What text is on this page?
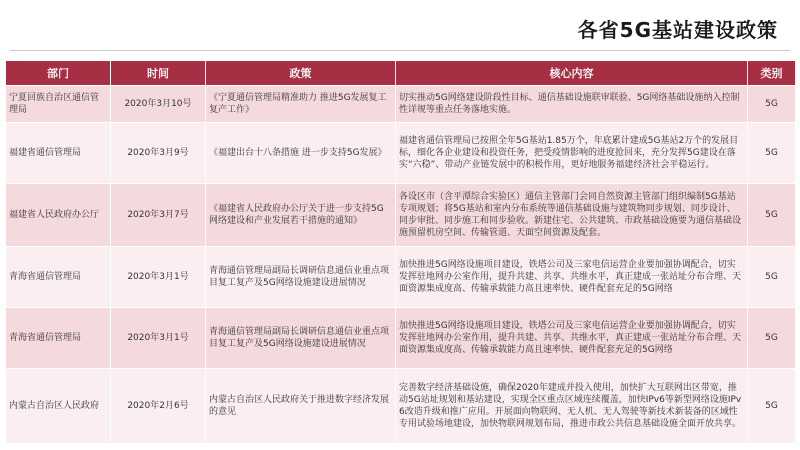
各省5G基站建设政策
部门	时间	政策	核心内容	类别
宁夏回族自治区通信管理局	2020年3月10号	《宁夏通信管理局精准助力 推进5G发展复工复产工作》	切实推动5G网络建设阶段性目标、通信基础设施联审联验、5G网络基础设施纳入控制性详规等重点任务落地实施。	5G
福建省通信管理局	2020年3月9号	《福建出台十八条措施 进一步支持5G发展》	福建省通信管理局已按照全年5G基站1.85万个，年底累计建成5G基站2万个的发展目标，细化各企业建设和投资任务，把受疫情影响的进度抢回来，充分发挥5G建设在落实“六稳”、带动产业链发展中的积极作用，更好地服务福建经济社会平稳运行。	5G
福建省人民政府办公厅	2020年3月7号	《福建省人民政府办公厅关于进一步支持5G网络建设和产业发展若干措施的通知》	各设区市（含平潭综合实验区）通信主管部门会同自然资源主管部门组织编制5G基站专项规划；将5G基站和室内分布系统等通信基础设施与建筑物同步规划、同步设计、同步审批、同步施工和同步验收。新建住宅、公共建筑、市政基础设施要为通信基础设施预留机房空间、传输管道、天面空间资源及配套。	5G
青海省通信管理局	2020年3月1号	青海通信管理局副局长调研信息通信业重点项目复工复产及5G网络设施建设进展情况	加快推进5G网络设施项目建设，铁塔公司及三家电信运营企业要加强协调配合，切实发挥驻地网办公室作用，提升共建、共享、共维水平，真正建成一张站址分布合理、天面资源集成度高、传输承载能力高且速率快、硬件配套充足的5G网络	5G
青海省通信管理局	2020年3月1号	青海通信管理局副局长调研信息通信业重点项目复工复产及5G网络设施建设进展情况	加快推进5G网络设施项目建设，铁塔公司及三家电信运营企业要加强协调配合，切实发挥驻地网办公室作用，提升共建、共享、共维水平，真正建成一张站址分布合理、天面资源集成度高、传输承载能力高且速率快、硬件配套充足的5G网络	5G
内蒙古自治区人民政府	2020年2月6号	内蒙古自治区人民政府关于推进数字经济发展的意见	完善数字经济基础设施，确保2020年建成并投入使用，加快扩大互联网出区带宽，推动5G站址规划和基站建设，实现全区重点区域连续覆盖，加快IPv6等新型网络设施IPv6改造升级和推广应用。开展面向物联网、无人机、无人驾驶等新技术新装备的区域性专用试验场地建设，加快物联网规划布局，推进市政公共信息基础设施全面开放共享。	5G
